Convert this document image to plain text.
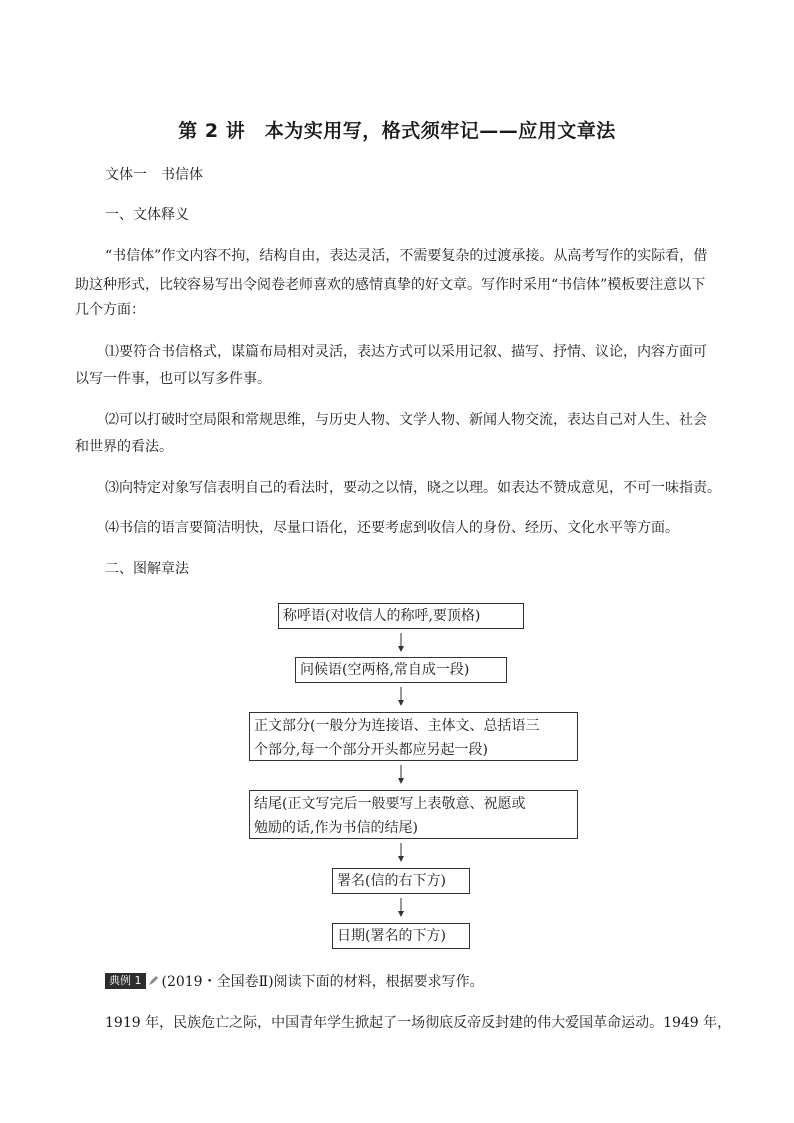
第 2 讲　本为实用写，格式须牢记——应用文章法
文体一　书信体
一、文体释义
“书信体”作文内容不拘，结构自由，表达灵活，不需要复杂的过渡承接。从高考写作的实际看，借
助这种形式，比较容易写出令阅卷老师喜欢的感情真挚的好文章。写作时采用“书信体”模板要注意以下
几个方面：
⑴要符合书信格式，谋篇布局相对灵活，表达方式可以采用记叙、描写、抒情、议论，内容方面可
以写一件事，也可以写多件事。
⑵可以打破时空局限和常规思维，与历史人物、文学人物、新闻人物交流，表达自己对人生、社会
和世界的看法。
⑶向特定对象写信表明自己的看法时，要动之以情，晓之以理。如表达不赞成意见，不可一味指责。
⑷书信的语言要简洁明快，尽量口语化，还要考虑到收信人的身份、经历、文化水平等方面。
二、图解章法
称呼语(对收信人的称呼,要顶格)
问候语(空两格,常自成一段)
正文部分(一般分为连接语、主体文、总括语三
个部分,每一个部分开头都应另起一段)
结尾(正文写完后一般要写上表敬意、祝愿或
勉励的话,作为书信的结尾)
署名(信的右下方)
日期(署名的下方)
典例 1 (2019・全国卷Ⅱ)阅读下面的材料，根据要求写作。
1919 年，民族危亡之际，中国青年学生掀起了一场彻底反帝反封建的伟大爱国革命运动。1949 年，
